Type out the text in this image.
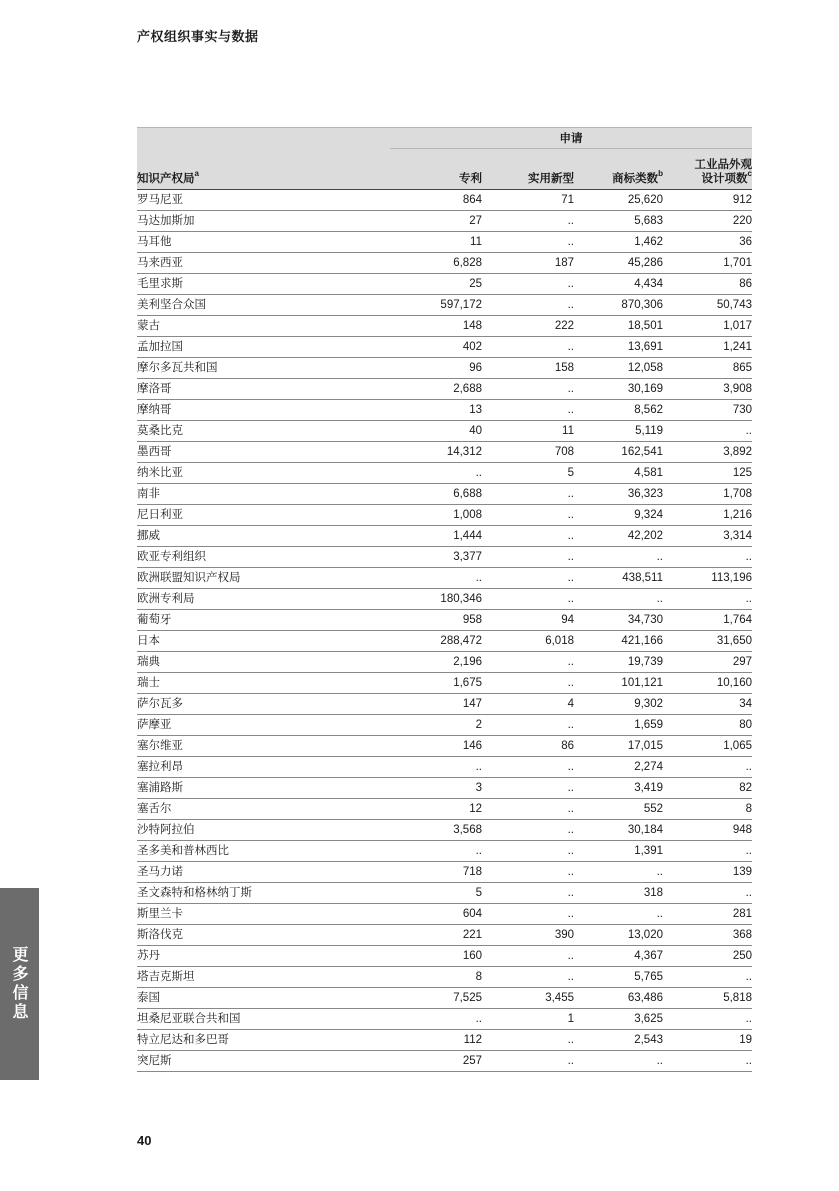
产权组织事实与数据
	申请			
知识产权局$^a$	专利	实用新型	商标类数$^b$	工业品外观
设计项数$^c$
罗马尼亚	864	71	25,620	912
马达加斯加	27	..	5,683	220
马耳他	11	..	1,462	36
马来西亚	6,828	187	45,286	1,701
毛里求斯	25	..	4,434	86
美利坚合众国	597,172	..	870,306	50,743
蒙古	148	222	18,501	1,017
孟加拉国	402	..	13,691	1,241
摩尔多瓦共和国	96	158	12,058	865
摩洛哥	2,688	..	30,169	3,908
摩纳哥	13	..	8,562	730
莫桑比克	40	11	5,119	..
墨西哥	14,312	708	162,541	3,892
纳米比亚	..	5	4,581	125
南非	6,688	..	36,323	1,708
尼日利亚	1,008	..	9,324	1,216
挪威	1,444	..	42,202	3,314
欧亚专利组织	3,377	..	..	..
欧洲联盟知识产权局	..	..	438,511	113,196
欧洲专利局	180,346	..	..	..
葡萄牙	958	94	34,730	1,764
日本	288,472	6,018	421,166	31,650
瑞典	2,196	..	19,739	297
瑞士	1,675	..	101,121	10,160
萨尔瓦多	147	4	9,302	34
萨摩亚	2	..	1,659	80
塞尔维亚	146	86	17,015	1,065
塞拉利昂	..	..	2,274	..
塞浦路斯	3	..	3,419	82
塞舌尔	12	..	552	8
沙特阿拉伯	3,568	..	30,184	948
圣多美和普林西比	..	..	1,391	..
圣马力诺	718	..	..	139
圣文森特和格林纳丁斯	5	..	318	..
斯里兰卡	604	..	..	281
斯洛伐克	221	390	13,020	368
苏丹	160	..	4,367	250
塔吉克斯坦	8	..	5,765	..
泰国	7,525	3,455	63,486	5,818
坦桑尼亚联合共和国	..	1	3,625	..
特立尼达和多巴哥	112	..	2,543	19
突尼斯	257	..	..	..
更多信息
40
